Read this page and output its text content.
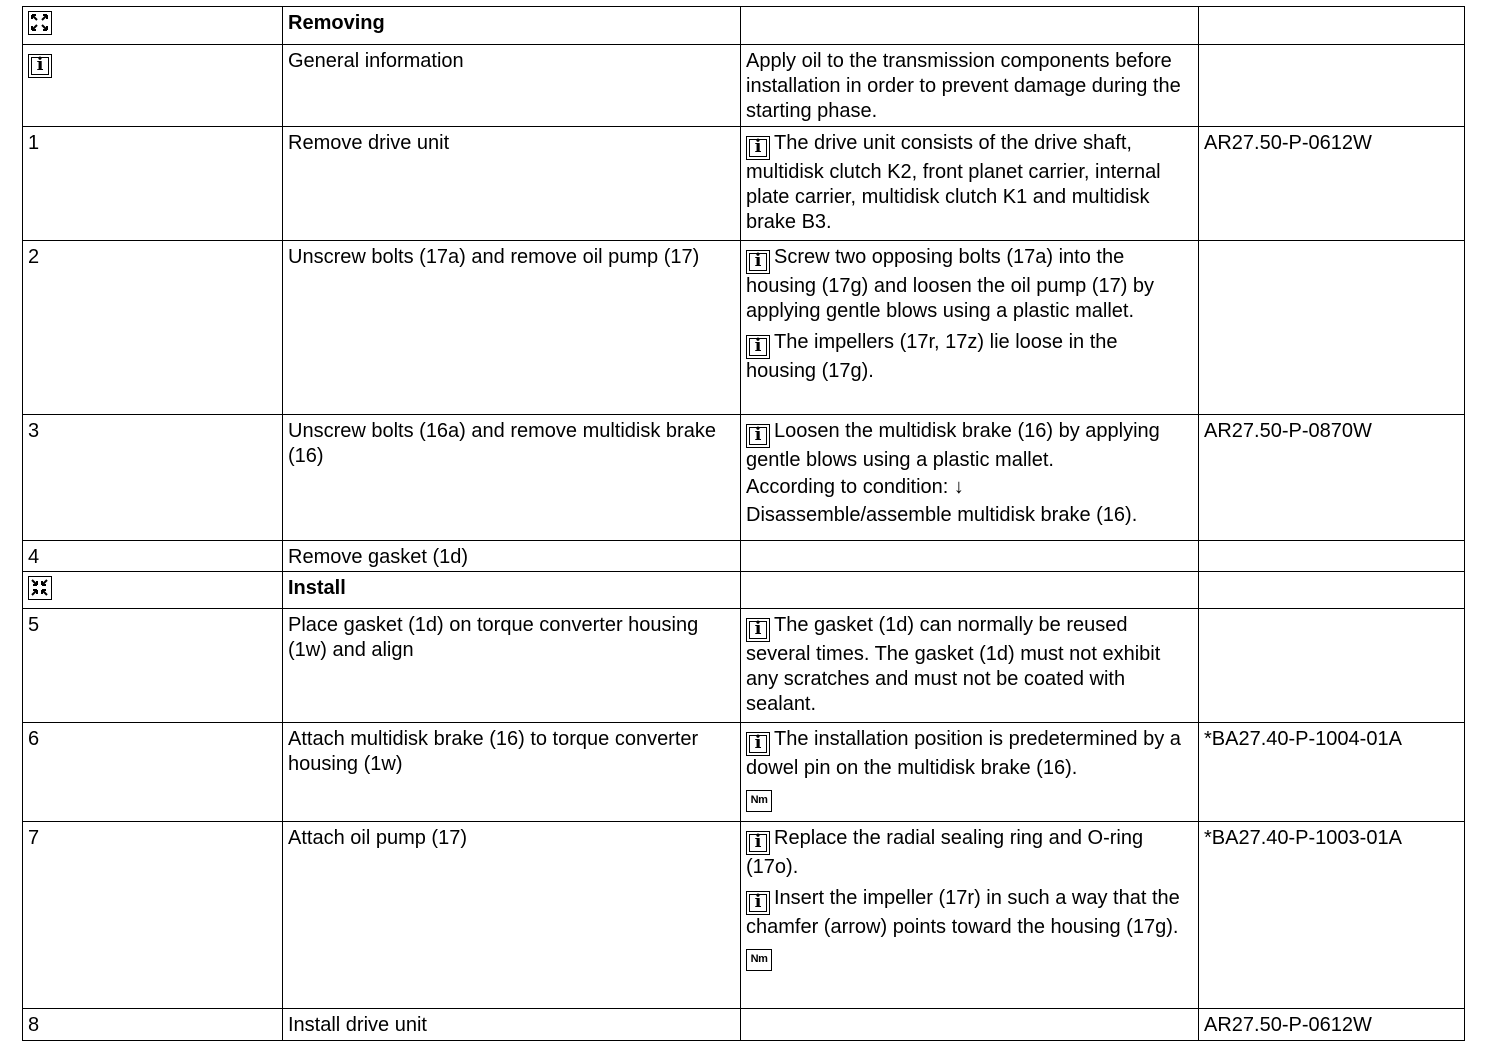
	Removing		
i	General information	Apply oil to the transmission components before installation in order to prevent damage during the starting phase.	
1	Remove drive unit	i The drive unit consists of the drive shaft, multidisk clutch K2, front planet carrier, internal plate carrier, multidisk clutch K1 and multidisk brake B3.	AR27.50-P-0612W
2	Unscrew bolts (17a) and remove oil pump (17)	i Screw two opposing bolts (17a) into the housing (17g) and loosen the oil pump (17) by applying gentle blows using a plastic mallet.
i The impellers (17r, 17z) lie loose in the housing (17g).	

3	Unscrew bolts (16a) and remove multidisk brake (16)	i Loosen the multidisk brake (16) by applying gentle blows using a plastic mallet.
According to condition: ↓
Disassemble/assemble multidisk brake (16).	AR27.50-P-0870W
4	Remove gasket (1d)		

	Install		
5	Place gasket (1d) on torque converter housing (1w) and align	i The gasket (1d) can normally be reused several times. The gasket (1d) must not exhibit any scratches and must not be coated with sealant.	

6	Attach multidisk brake (16) to torque converter housing (1w)	i The installation position is predetermined by a dowel pin on the multidisk brake (16).
Nm	*BA27.40-P-1004-01A
7	Attach oil pump (17)	i Replace the radial sealing ring and O-ring (17o).
i Insert the impeller (17r) in such a way that the chamfer (arrow) points toward the housing (17g).
Nm	*BA27.40-P-1003-01A
8	Install drive unit		AR27.50-P-0612W
